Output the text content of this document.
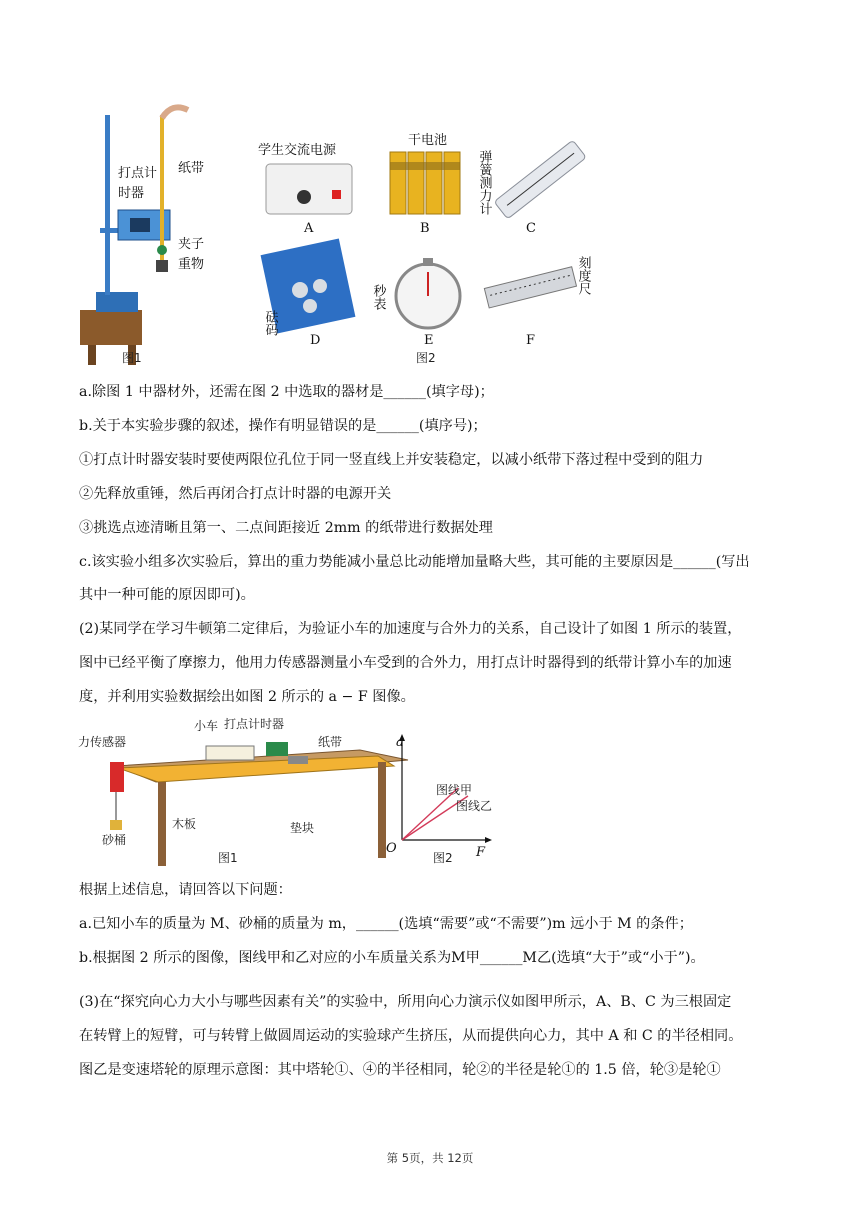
打点计
时器
纸带
夹子
重物
图1
学生交流电源
A
干电池
B
弹簧测力计
C
砝码
D
秒表
E
刻度尺
F
图2
a.除图 1 中器材外，还需在图 2 中选取的器材是______(填字母)；
b.关于本实验步骤的叙述，操作有明显错误的是______(填序号)；
①打点计时器安装时要使两限位孔位于同一竖直线上并安装稳定，以减小纸带下落过程中受到的阻力
②先释放重锤，然后再闭合打点计时器的电源开关
③挑选点迹清晰且第一、二点间距接近 2mm 的纸带进行数据处理
c.该实验小组多次实验后，算出的重力势能减小量总比动能增加量略大些，其可能的主要原因是______(写出
其中一种可能的原因即可)。
(2)某同学在学习牛顿第二定律后，为验证小车的加速度与合外力的关系，自己设计了如图 1 所示的装置，
图中已经平衡了摩擦力，他用力传感器测量小车受到的合外力，用打点计时器得到的纸带计算小车的加速
度，并利用实验数据绘出如图 2 所示的 a − F 图像。
力传感器
小车 打点计时器
纸带
木板	垫块
砂桶
图1
a
F
O
图线甲
图线乙
图2
根据上述信息，请回答以下问题：
a.已知小车的质量为 M、砂桶的质量为 m，______(选填“需要”或“不需要”)m 远小于 M 的条件；
b.根据图 2 所示的图像，图线甲和乙对应的小车质量关系为M甲______M乙(选填“大于”或“小于”)。
(3)在“探究向心力大小与哪些因素有关”的实验中，所用向心力演示仪如图甲所示，A、B、C 为三根固定
在转臂上的短臂，可与转臂上做圆周运动的实验球产生挤压，从而提供向心力，其中 A 和 C 的半径相同。
图乙是变速塔轮的原理示意图：其中塔轮①、④的半径相同，轮②的半径是轮①的 1.5 倍，轮③是轮①
第 5页，共 12页
